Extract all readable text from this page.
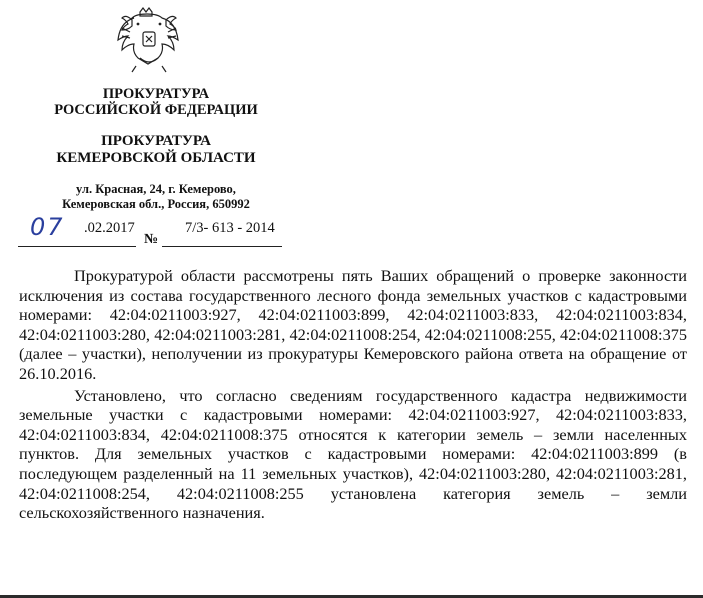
ПРОКУРАТУРА
РОССИЙСКОЙ ФЕДЕРАЦИИ
ПРОКУРАТУРА
КЕМЕРОВСКОЙ ОБЛАСТИ
ул. Красная, 24, г. Кемерово,
Кемеровская обл., Россия, 650992
07 .02.2017	7/3- 613 - 2014
№

Прокуратурой области рассмотрены пять Ваших обращений о проверке законности исключения из состава государственного лесного фонда земельных участков с кадастровыми номерами: 42:04:0211003:927, 42:04:0211003:899, 42:04:0211003:833, 42:04:0211003:834, 42:04:0211003:280, 42:04:0211003:281, 42:04:0211008:254, 42:04:0211008:255, 42:04:0211008:375 (далее – участки), неполучении из прокуратуры Кемеровского района ответа на обращение от 26.10.2016.

Установлено, что согласно сведениям государственного кадастра недвижимости земельные участки с кадастровыми номерами: 42:04:0211003:927, 42:04:0211003:833, 42:04:0211003:834, 42:04:0211008:375 относятся к категории земель – земли населенных пунктов. Для земельных участков с кадастровыми номерами: 42:04:0211003:899 (в последующем разделенный на 11 земельных участков), 42:04:0211003:280, 42:04:0211003:281, 42:04:0211008:254, 42:04:0211008:255 установлена категория земель – земли сельскохозяйственного назначения.
